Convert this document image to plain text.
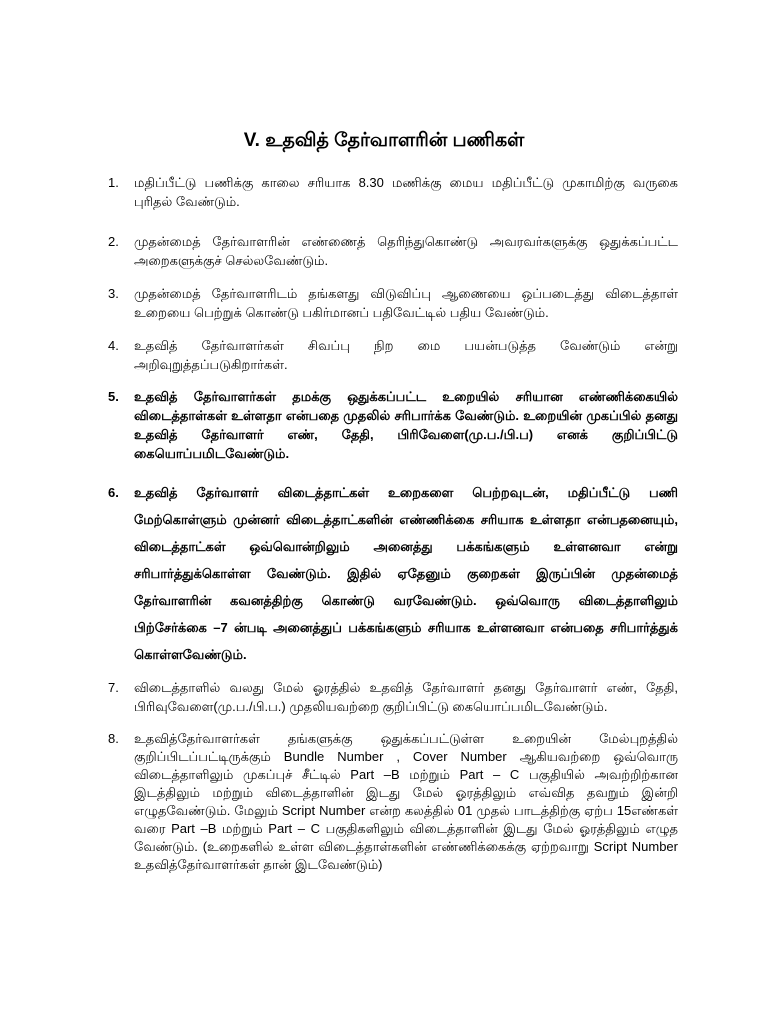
V. உதவித் தேர்வாளரின் பணிகள்
1.	மதிப்பீட்டு பணிக்கு காலை சரியாக 8.30 மணிக்கு மைய மதிப்பீட்டு முகாமிற்கு வருகை புரிதல் வேண்டும்.
2.	முதன்மைத் தேர்வாளரின் எண்ணைத் தெரிந்துகொண்டு அவரவர்களுக்கு ஒதுக்கப்பட்ட அறைகளுக்குச் செல்லவேண்டும்.
3.	முதன்மைத் தேர்வாளரிடம் தங்களது விடுவிப்பு ஆணையை ஒப்படைத்து விடைத்தாள் உறையை பெற்றுக் கொண்டு பகிர்மானப் பதிவேட்டில் பதிய வேண்டும்.
4.	உதவித் தேர்வாளர்கள் சிவப்பு நிற மை பயன்படுத்த வேண்டும் என்று அறிவுறுத்தப்படுகிறார்கள்.
5.	உதவித் தேர்வாளர்கள் தமக்கு ஒதுக்கப்பட்ட உறையில் சரியான எண்ணிக்கையில் விடைத்தாள்கள் உள்ளதா என்பதை முதலில் சரிபார்க்க வேண்டும். உறையின் முகப்பில் தனது உதவித் தேர்வாளர் எண், தேதி, பிரிவேளை(மு.ப./பி.ப) எனக் குறிப்பிட்டு கையொப்பமிடவேண்டும்.
6.	உதவித் தேர்வாளர் விடைத்தாட்கள் உறைகளை பெற்றவுடன், மதிப்பீட்டு பணி மேற்கொள்ளும் முன்னர் விடைத்தாட்களின் எண்ணிக்கை சரியாக உள்ளதா என்பதனையும், விடைத்தாட்கள் ஒவ்வொன்றிலும் அனைத்து பக்கங்களும் உள்ளனவா என்று சரிபார்த்துக்கொள்ள வேண்டும். இதில் ஏதேனும் குறைகள் இருப்பின் முதன்மைத் தேர்வாளரின் கவனத்திற்கு கொண்டு வரவேண்டும். ஒவ்வொரு விடைத்தாளிலும் பிற்சேர்க்கை –7 ன்படி அனைத்துப் பக்கங்களும் சரியாக உள்ளனவா என்பதை சரிபார்த்துக் கொள்ளவேண்டும்.
7.	விடைத்தாளில் வலது மேல் ஓரத்தில் உதவித் தேர்வாளர் தனது தேர்வாளர் எண், தேதி, பிரிவுவேளை(மு.ப./பி.ப.) முதலியவற்றை குறிப்பிட்டு கையொப்பமிடவேண்டும்.
8.	உதவித்தேர்வாளர்கள் தங்களுக்கு ஒதுக்கப்பட்டுள்ள உறையின் மேல்புறத்தில் குறிப்பிடப்பட்டிருக்கும் Bundle Number , Cover Number ஆகியவற்றை ஒவ்வொரு விடைத்தாளிலும் முகப்புச் சீட்டில் Part –B மற்றும் Part – C பகுதியில் அவற்றிற்கான இடத்திலும் மற்றும் விடைத்தாளின் இடது மேல் ஓரத்திலும் எவ்வித தவறும் இன்றி எழுதவேண்டும். மேலும் Script Number என்ற கலத்தில் 01 முதல் பாடத்திற்கு ஏற்ப 15எண்கள் வரை Part –B மற்றும் Part – C பகுதிகளிலும் விடைத்தாளின் இடது மேல் ஓரத்திலும் எழுத வேண்டும். (உறைகளில் உள்ள விடைத்தாள்களின் எண்ணிக்கைக்கு ஏற்றவாறு Script Number உதவித்தேர்வாளர்கள் தான் இடவேண்டும்)
